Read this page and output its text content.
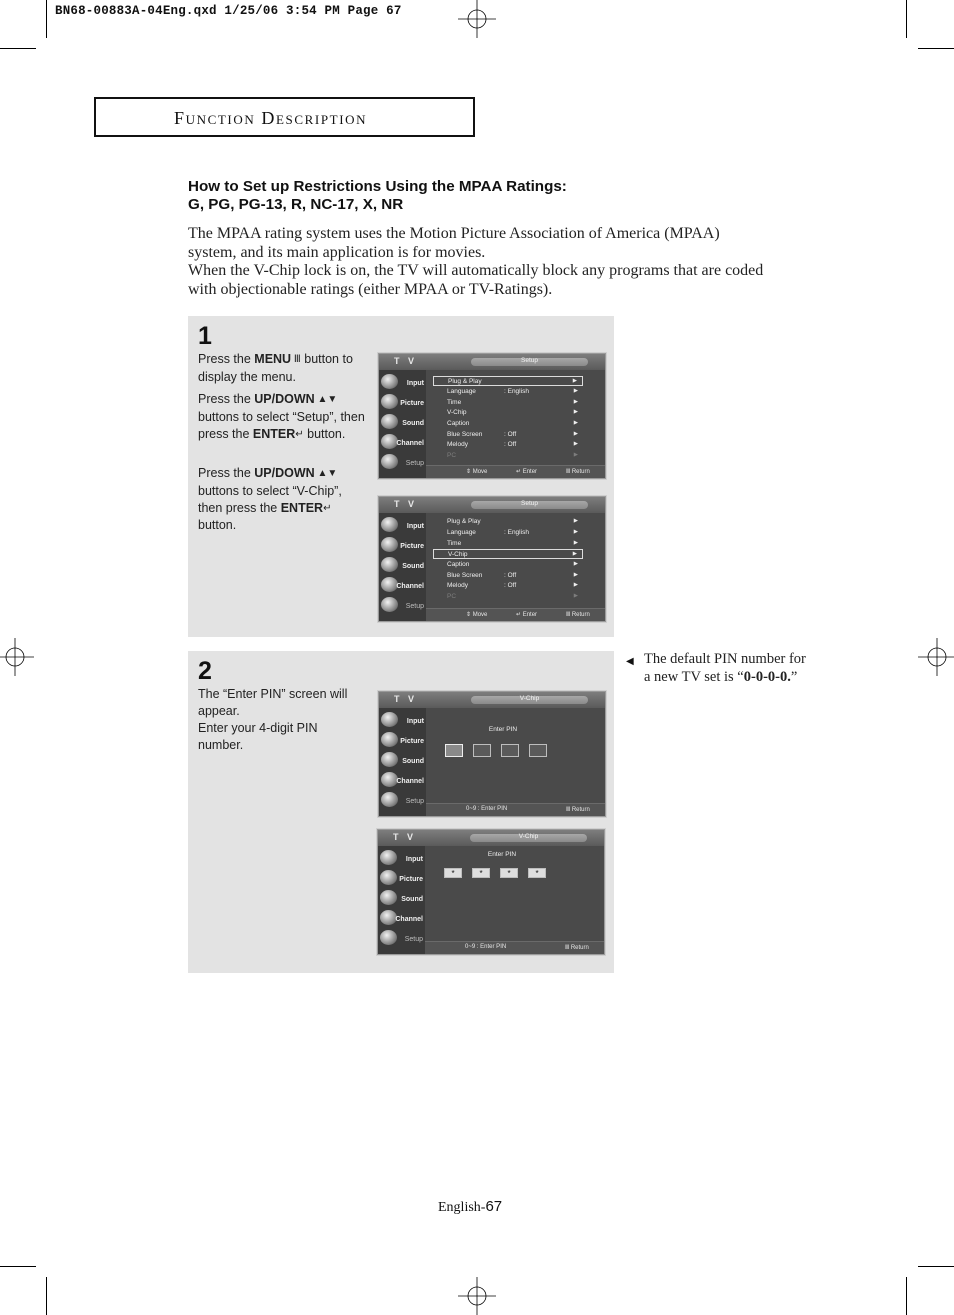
BN68-00883A-04Eng.qxd 1/25/06 3:54 PM Page 67
Function Description
How to Set up Restrictions Using the MPAA Ratings:
G, PG, PG-13, R, NC-17, X, NR
The MPAA rating system uses the Motion Picture Association of America (MPAA) system, and its main application is for movies.
When the V-Chip lock is on, the TV will automatically block any programs that are coded with objectionable ratings (either MPAA or TV-Ratings).
1
Press the MENU Ⅲ button to display the menu.
Press the UP/DOWN ▲▼ buttons to select “Setup”, then press the ENTER↵ button.
Press the UP/DOWN ▲▼ buttons to select “V-Chip”, then press the ENTER↵ button.
T V	Setup
Input
Picture
Sound
Channel
Setup
Plug & Play	▶
Language	: English	▶
Time	▶
V-Chip	▶
Caption	▶
Blue Screen	: Off	▶
Melody	: Off	▶
PC	▶
⇕ Move	↵ Enter	Ⅲ Return
T V	Setup
Input
Picture
Sound
Channel
Setup
Plug & Play	▶
Language	: English	▶
Time	▶
V-Chip	▶
Caption	▶
Blue Screen	: Off	▶
Melody	: Off	▶
PC	▶
⇕ Move	↵ Enter	Ⅲ Return
2
The “Enter PIN” screen will appear.
Enter your 4-digit PIN number.
T V	V-Chip
Input
Picture
Sound
Channel
Setup
Enter PIN
0~9 : Enter PIN	Ⅲ Return
T V	V-Chip
Input
Picture
Sound
Channel
Setup
Enter PIN
*	*	*	*
0~9 : Enter PIN	Ⅲ Return
◀ The default PIN number for a new TV set is “0-0-0-0.”
English-67
